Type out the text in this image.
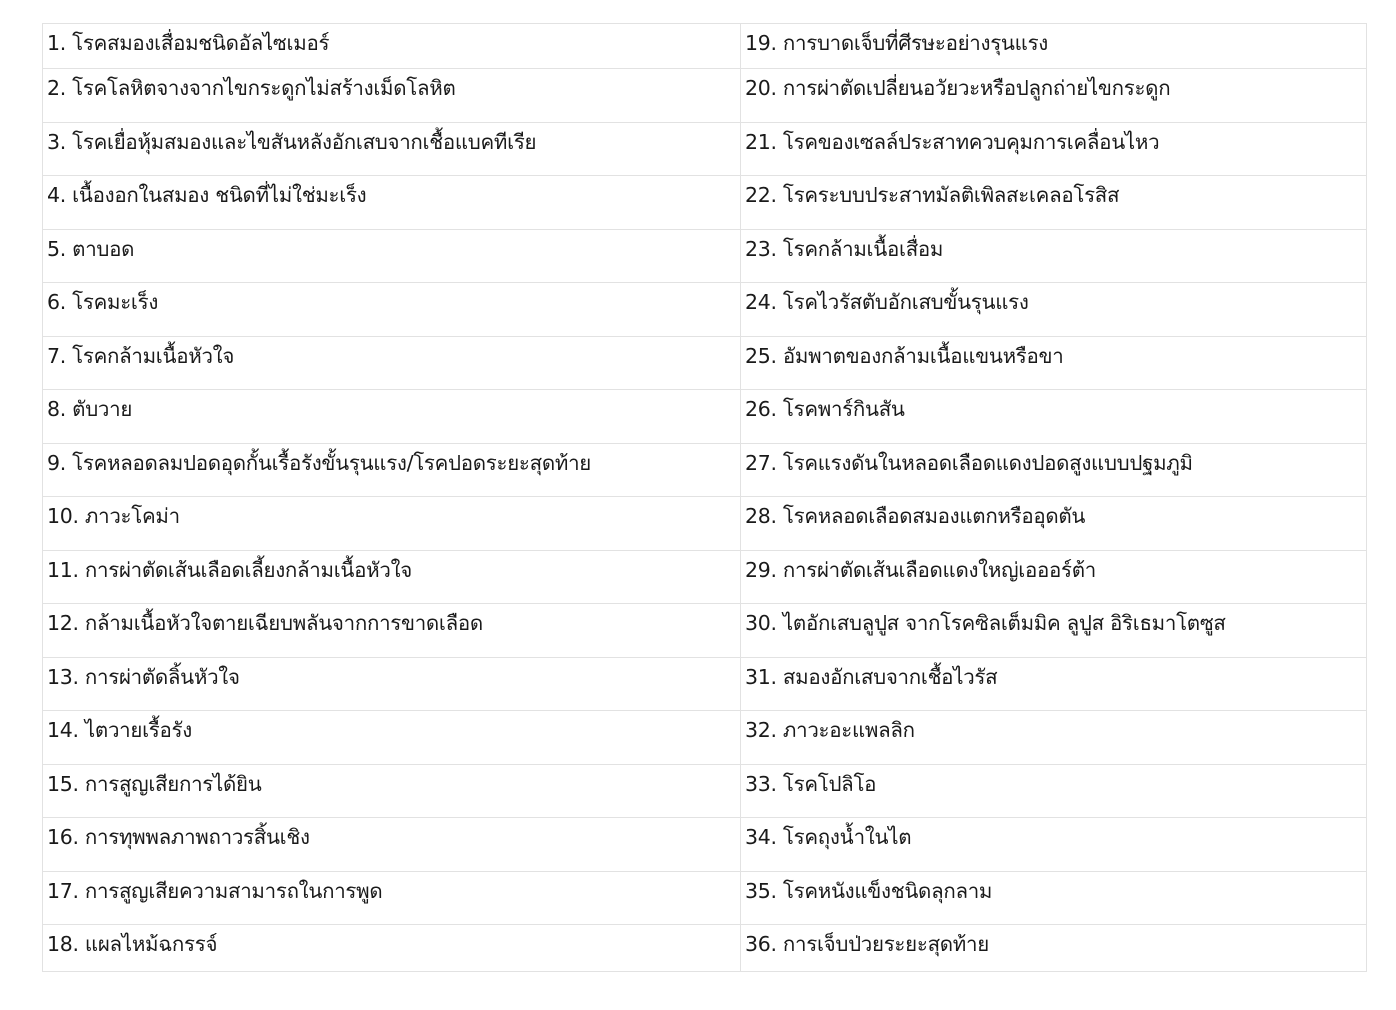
1. โรคสมองเสื่อมชนิดอัลไซเมอร์	19. การบาดเจ็บที่ศีรษะอย่างรุนแรง
2. โรคโลหิตจางจากไขกระดูกไม่สร้างเม็ดโลหิต	20. การผ่าตัดเปลี่ยนอวัยวะหรือปลูกถ่ายไขกระดูก
3. โรคเยื่อหุ้มสมองและไขสันหลังอักเสบจากเชื้อแบคทีเรีย	21. โรคของเซลล์ประสาทควบคุมการเคลื่อนไหว
4. เนื้องอกในสมอง ชนิดที่ไม่ใช่มะเร็ง	22. โรคระบบประสาทมัลติเพิลสะเคลอโรสิส
5. ตาบอด	23. โรคกล้ามเนื้อเสื่อม
6. โรคมะเร็ง	24. โรคไวรัสตับอักเสบขั้นรุนแรง
7. โรคกล้ามเนื้อหัวใจ	25. อัมพาตของกล้ามเนื้อแขนหรือขา
8. ตับวาย	26. โรคพาร์กินสัน
9. โรคหลอดลมปอดอุดกั้นเรื้อรังขั้นรุนแรง/โรคปอดระยะสุดท้าย	27. โรคแรงดันในหลอดเลือดแดงปอดสูงแบบปฐมภูมิ
10. ภาวะโคม่า	28. โรคหลอดเลือดสมองแตกหรืออุดตัน
11. การผ่าตัดเส้นเลือดเลี้ยงกล้ามเนื้อหัวใจ	29. การผ่าตัดเส้นเลือดแดงใหญ่เอออร์ต้า
12. กล้ามเนื้อหัวใจตายเฉียบพลันจากการขาดเลือด	30. ไตอักเสบลูปูส จากโรคซิลเต็มมิค ลูปูส อิริเธมาโตซูส
13. การผ่าตัดลิ้นหัวใจ	31. สมองอักเสบจากเชื้อไวรัส
14. ไตวายเรื้อรัง	32. ภาวะอะแพลลิก
15. การสูญเสียการได้ยิน	33. โรคโปลิโอ
16. การทุพพลภาพถาวรสิ้นเชิง	34. โรคถุงน้ำในไต
17. การสูญเสียความสามารถในการพูด	35. โรคหนังแข็งชนิดลุกลาม
18. แผลไหม้ฉกรรจ์	36. การเจ็บป่วยระยะสุดท้าย
